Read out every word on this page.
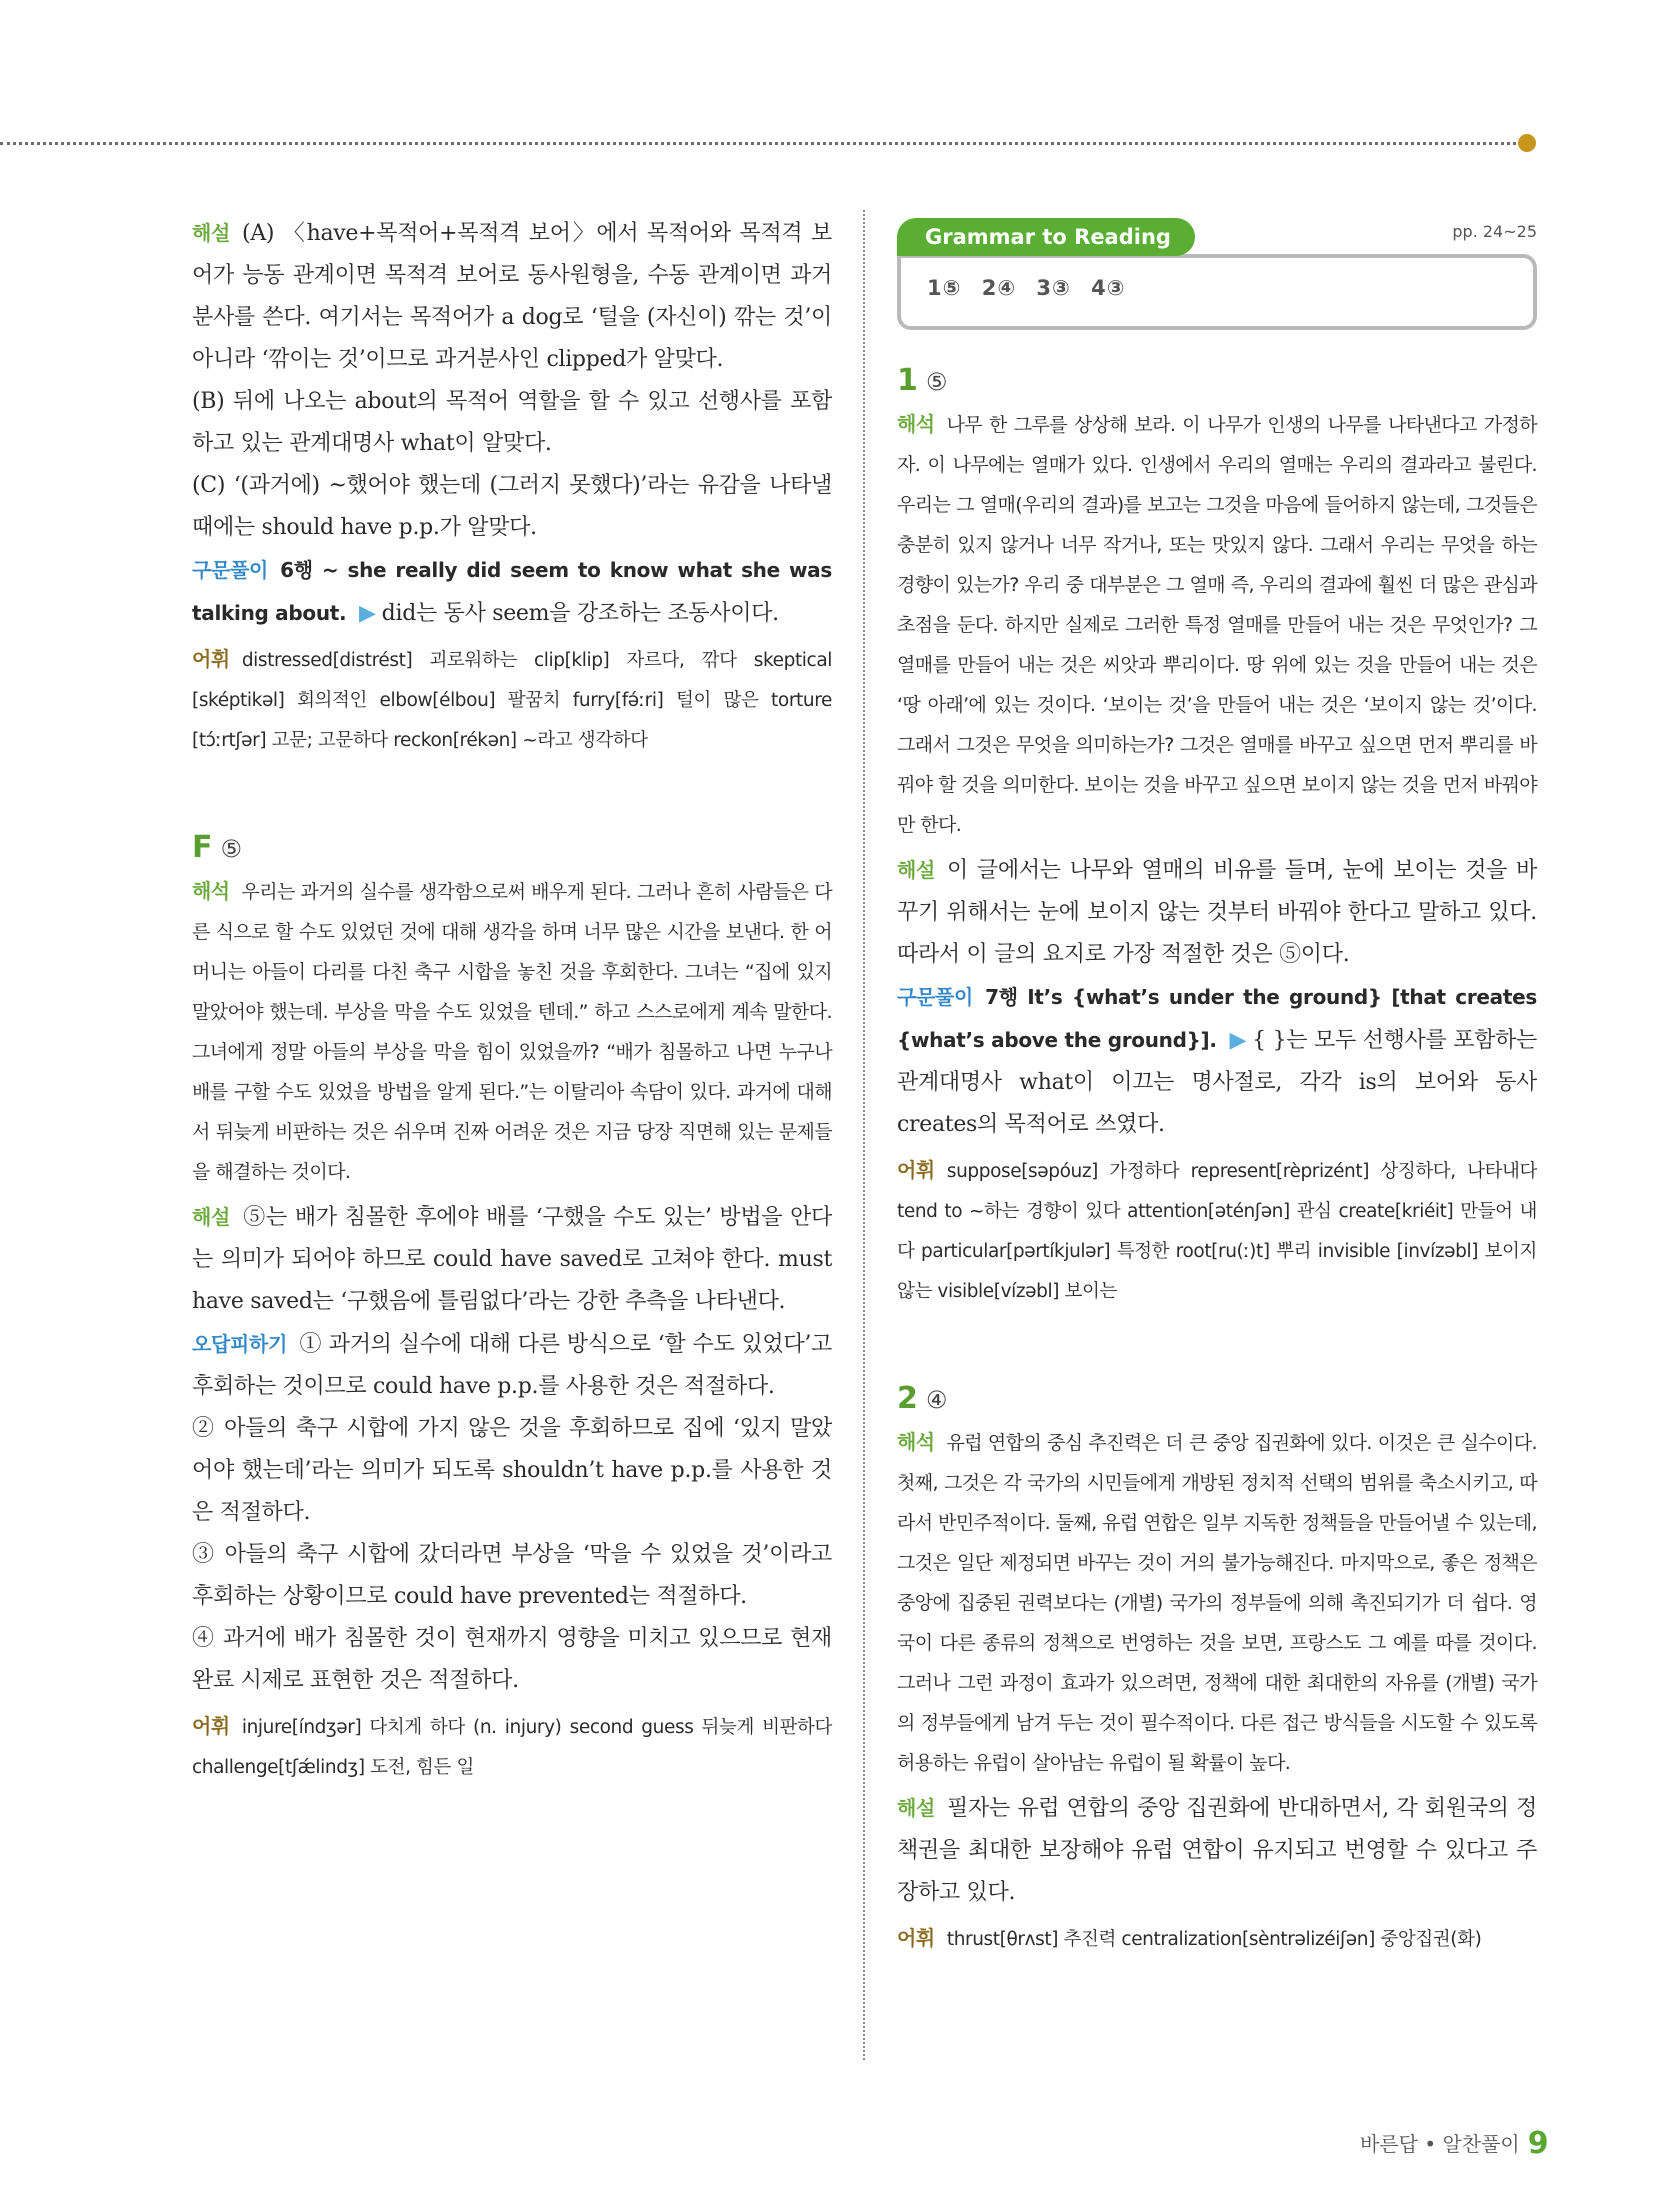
해설 (A) 〈have+목적어+목적격 보어〉에서 목적어와 목적격 보어가 능동 관계이면 목적격 보어로 동사원형을, 수동 관계이면 과거분사를 쓴다. 여기서는 목적어가 a dog로 ‘털을 (자신이) 깎는 것’이 아니라 ‘깎이는 것’이므로 과거분사인 clipped가 알맞다.

(B) 뒤에 나오는 about의 목적어 역할을 할 수 있고 선행사를 포함하고 있는 관계대명사 what이 알맞다.

(C) ‘(과거에) ~했어야 했는데 (그러지 못했다)’라는 유감을 나타낼 때에는 should have p.p.가 알맞다.

구문풀이 6행 ~ she really did seem to know what she was talking about. ▶ did는 동사 seem을 강조하는 조동사이다.

어휘 distressed[distrést] 괴로워하는 clip[klip] 자르다, 깎다 skeptical [sképtikəl] 회의적인 elbow[élbou] 팔꿈치 furry[fə́ːri] 털이 많은 torture [tɔ́ːrtʃər] 고문; 고문하다 reckon[rékən] ~라고 생각하다

F ⑤

해석 우리는 과거의 실수를 생각함으로써 배우게 된다. 그러나 흔히 사람들은 다른 식으로 할 수도 있었던 것에 대해 생각을 하며 너무 많은 시간을 보낸다. 한 어머니는 아들이 다리를 다친 축구 시합을 놓친 것을 후회한다. 그녀는 “집에 있지 말았어야 했는데. 부상을 막을 수도 있었을 텐데.” 하고 스스로에게 계속 말한다. 그녀에게 정말 아들의 부상을 막을 힘이 있었을까? “배가 침몰하고 나면 누구나 배를 구할 수도 있었을 방법을 알게 된다.”는 이탈리아 속담이 있다. 과거에 대해서 뒤늦게 비판하는 것은 쉬우며 진짜 어려운 것은 지금 당장 직면해 있는 문제들을 해결하는 것이다.

해설 ⑤는 배가 침몰한 후에야 배를 ‘구했을 수도 있는’ 방법을 안다는 의미가 되어야 하므로 could have saved로 고쳐야 한다. must have saved는 ‘구했음에 틀림없다’라는 강한 추측을 나타낸다.

오답피하기 ① 과거의 실수에 대해 다른 방식으로 ‘할 수도 있었다’고 후회하는 것이므로 could have p.p.를 사용한 것은 적절하다.

② 아들의 축구 시합에 가지 않은 것을 후회하므로 집에 ‘있지 말았어야 했는데’라는 의미가 되도록 shouldn’t have p.p.를 사용한 것은 적절하다.

③ 아들의 축구 시합에 갔더라면 부상을 ‘막을 수 있었을 것’이라고 후회하는 상황이므로 could have prevented는 적절하다.

④ 과거에 배가 침몰한 것이 현재까지 영향을 미치고 있으므로 현재완료 시제로 표현한 것은 적절하다.

어휘 injure[índʒər] 다치게 하다 (n. injury) second guess 뒤늦게 비판하다 challenge[tʃǽlindʒ] 도전, 힘든 일

1⑤ 2④ 3③ 4③
Grammar to Reading	pp. 24~25

1 ⑤

해석 나무 한 그루를 상상해 보라. 이 나무가 인생의 나무를 나타낸다고 가정하자. 이 나무에는 열매가 있다. 인생에서 우리의 열매는 우리의 결과라고 불린다. 우리는 그 열매(우리의 결과)를 보고는 그것을 마음에 들어하지 않는데, 그것들은 충분히 있지 않거나 너무 작거나, 또는 맛있지 않다. 그래서 우리는 무엇을 하는 경향이 있는가? 우리 중 대부분은 그 열매 즉, 우리의 결과에 훨씬 더 많은 관심과 초점을 둔다. 하지만 실제로 그러한 특정 열매를 만들어 내는 것은 무엇인가? 그 열매를 만들어 내는 것은 씨앗과 뿌리이다. 땅 위에 있는 것을 만들어 내는 것은 ‘땅 아래’에 있는 것이다. ‘보이는 것’을 만들어 내는 것은 ‘보이지 않는 것’이다. 그래서 그것은 무엇을 의미하는가? 그것은 열매를 바꾸고 싶으면 먼저 뿌리를 바꿔야 할 것을 의미한다. 보이는 것을 바꾸고 싶으면 보이지 않는 것을 먼저 바꿔야만 한다.

해설 이 글에서는 나무와 열매의 비유를 들며, 눈에 보이는 것을 바꾸기 위해서는 눈에 보이지 않는 것부터 바꿔야 한다고 말하고 있다. 따라서 이 글의 요지로 가장 적절한 것은 ⑤이다.

구문풀이 7행 It’s {what’s under the ground} [that creates {what’s above the ground}]. ▶ { }는 모두 선행사를 포함하는 관계대명사 what이 이끄는 명사절로, 각각 is의 보어와 동사 creates의 목적어로 쓰였다.

어휘 suppose[səpóuz] 가정하다 represent[rèprizént] 상징하다, 나타내다 tend to ~하는 경향이 있다 attention[əténʃən] 관심 create[kriéit] 만들어 내다 particular[pərtíkjulər] 특정한 root[ru(ː)t] 뿌리 invisible [invízəbl] 보이지 않는 visible[vízəbl] 보이는

2 ④

해석 유럽 연합의 중심 추진력은 더 큰 중앙 집권화에 있다. 이것은 큰 실수이다. 첫째, 그것은 각 국가의 시민들에게 개방된 정치적 선택의 범위를 축소시키고, 따라서 반민주적이다. 둘째, 유럽 연합은 일부 지독한 정책들을 만들어낼 수 있는데, 그것은 일단 제정되면 바꾸는 것이 거의 불가능해진다. 마지막으로, 좋은 정책은 중앙에 집중된 권력보다는 (개별) 국가의 정부들에 의해 촉진되기가 더 쉽다. 영국이 다른 종류의 정책으로 번영하는 것을 보면, 프랑스도 그 예를 따를 것이다. 그러나 그런 과정이 효과가 있으려면, 정책에 대한 최대한의 자유를 (개별) 국가의 정부들에게 남겨 두는 것이 필수적이다. 다른 접근 방식들을 시도할 수 있도록 허용하는 유럽이 살아남는 유럽이 될 확률이 높다.

해설 필자는 유럽 연합의 중앙 집권화에 반대하면서, 각 회원국의 정책권을 최대한 보장해야 유럽 연합이 유지되고 번영할 수 있다고 주장하고 있다.

어휘 thrust[θrʌst] 추진력 centralization[sèntrəlizéiʃən] 중앙집권(화)

바른답 • 알찬풀이 9
